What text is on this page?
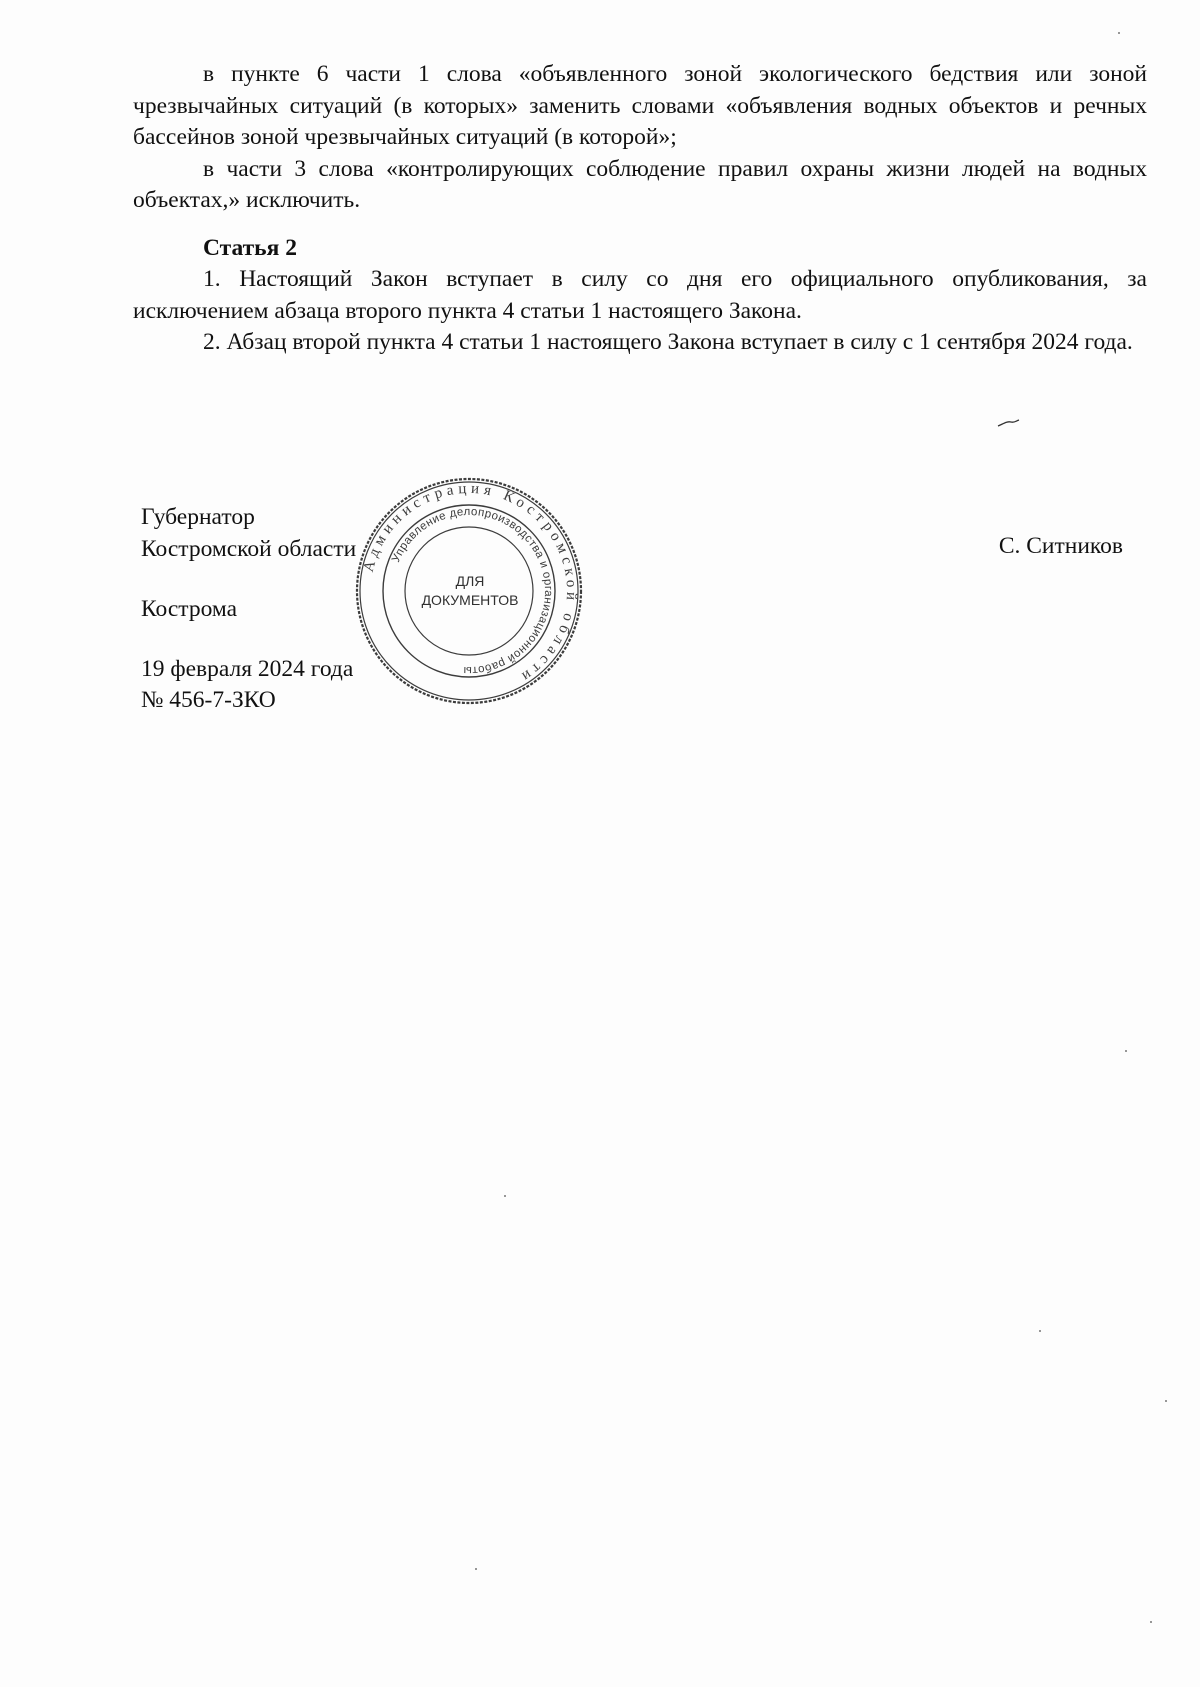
в пункте 6 части 1 слова «объявленного зоной экологического бедствия или зоной чрезвычайных ситуаций (в которых» заменить словами «объявления водных объектов и речных бассейнов зоной чрезвычайных ситуаций (в которой»;

в части 3 слова «контролирующих соблюдение правил охраны жизни людей на водных объектах,» исключить.

Статья 2

1. Настоящий Закон вступает в силу со дня его официального опубликования, за исключением абзаца второго пункта 4 статьи 1 настоящего Закона.

2. Абзац второй пункта 4 статьи 1 настоящего Закона вступает в силу с 1 сентября 2024 года.

Губернатор
Костромской области
Кострома
19 февраля 2024 года
№ 456-7-ЗКО
С. Ситников
Администрация Костромской области
Управление делопроизводства и организационной работы
ДЛЯ
ДОКУМЕНТОВ
